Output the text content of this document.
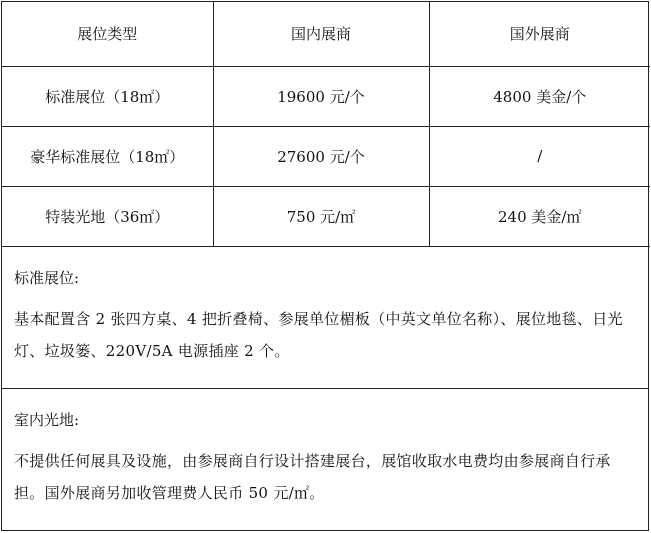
展位类型	国内展商	国外展商
标准展位（18㎡）	19600 元/个	4800 美金/个
豪华标准展位（18㎡）	27600 元/个	/
特装光地（36㎡）	750 元/㎡	240 美金/㎡
标准展位:
基本配置含 2 张四方桌、4 把折叠椅、参展单位楣板（中英文单位名称）、展位地毯、日光灯、垃圾篓、220V/5A 电源插座 2 个。
室内光地:
不提供任何展具及设施，由参展商自行设计搭建展台，展馆收取水电费均由参展商自行承担。国外展商另加收管理费人民币 50 元/㎡。
